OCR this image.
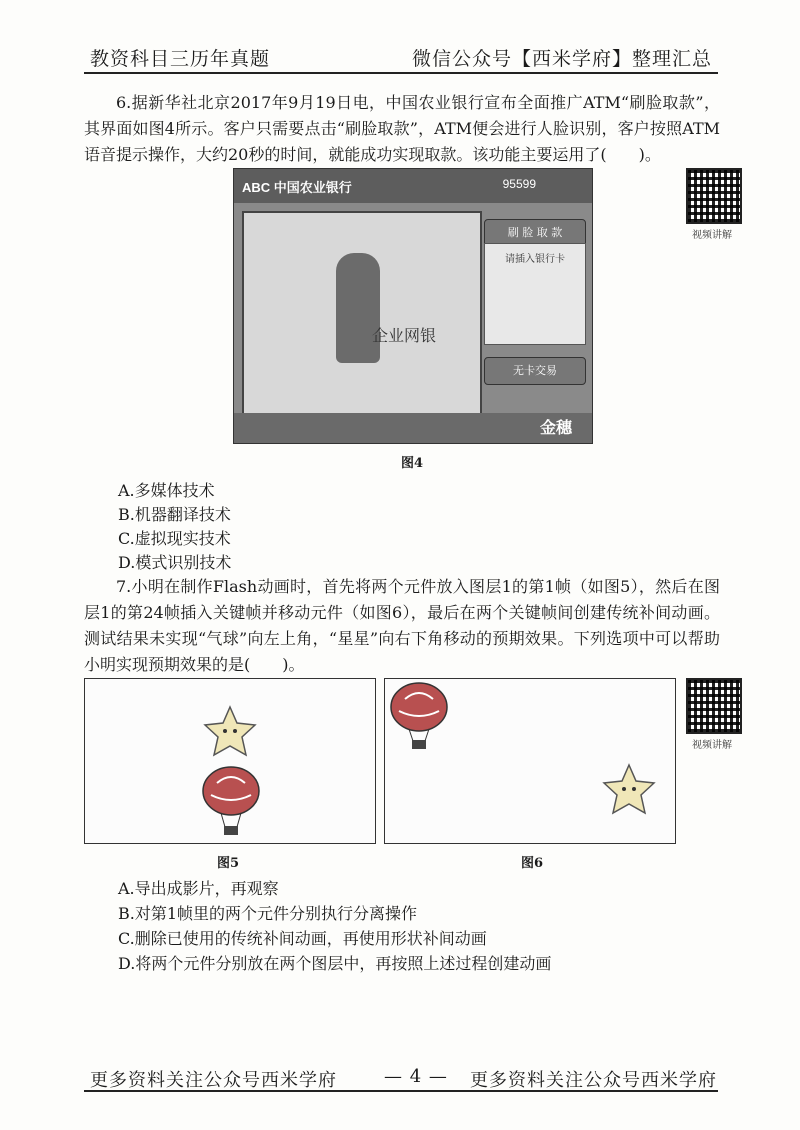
教资科目三历年真题	微信公众号【西米学府】整理汇总
6.据新华社北京2017年9月19日电，中国农业银行宣布全面推广ATM“刷脸取款”，其界面如图4所示。客户只需要点击“刷脸取款”，ATM便会进行人脸识别，客户按照ATM语音提示操作，大约20秒的时间，就能成功实现取款。该功能主要运用了(　　)。
ABC 中国农业银行	95599
企业网银
刷 脸 取 款
请插入银行卡
无卡交易
金穗
图4
视频讲解
A.多媒体技术
B.机器翻译技术
C.虚拟现实技术
D.模式识别技术
7.小明在制作Flash动画时，首先将两个元件放入图层1的第1帧（如图5），然后在图层1的第24帧插入关键帧并移动元件（如图6），最后在两个关键帧间创建传统补间动画。测试结果未实现“气球”向左上角，“星星”向右下角移动的预期效果。下列选项中可以帮助小明实现预期效果的是(　　)。
图5	图6
视频讲解
A.导出成影片，再观察
B.对第1帧里的两个元件分别执行分离操作
C.删除已使用的传统补间动画，再使用形状补间动画
D.将两个元件分别放在两个图层中，再按照上述过程创建动画
更多资料关注公众号西米学府	— 4 — 更多资料关注公众号西米学府
